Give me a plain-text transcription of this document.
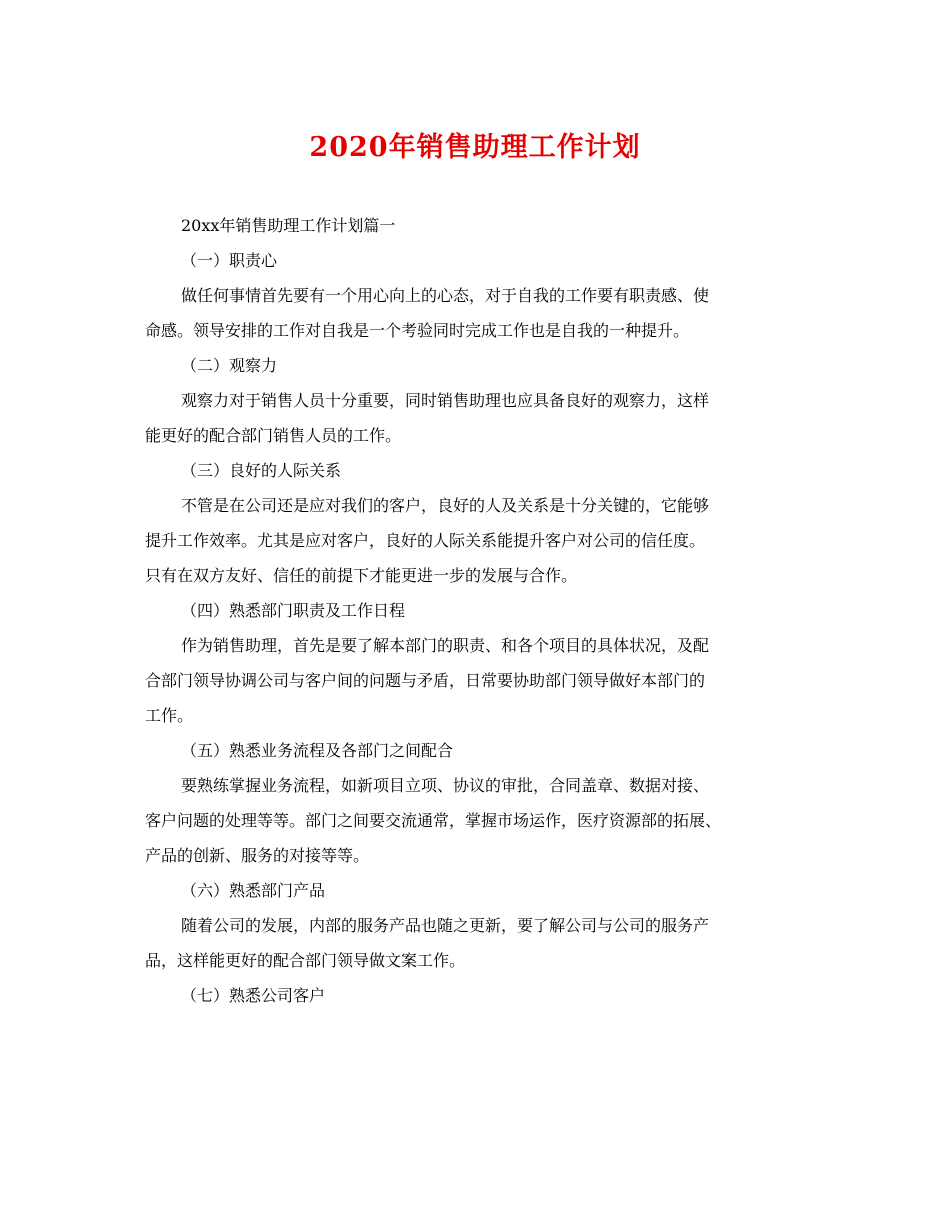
2020年销售助理工作计划
20xx年销售助理工作计划篇一
（一）职责心
做任何事情首先要有一个用心向上的心态，对于自我的工作要有职责感、使
命感。领导安排的工作对自我是一个考验同时完成工作也是自我的一种提升。
（二）观察力
观察力对于销售人员十分重要，同时销售助理也应具备良好的观察力，这样
能更好的配合部门销售人员的工作。
（三）良好的人际关系
不管是在公司还是应对我们的客户，良好的人及关系是十分关键的，它能够
提升工作效率。尤其是应对客户，良好的人际关系能提升客户对公司的信任度。
只有在双方友好、信任的前提下才能更进一步的发展与合作。
（四）熟悉部门职责及工作日程
作为销售助理，首先是要了解本部门的职责、和各个项目的具体状况，及配
合部门领导协调公司与客户间的问题与矛盾，日常要协助部门领导做好本部门的
工作。
（五）熟悉业务流程及各部门之间配合
要熟练掌握业务流程，如新项目立项、协议的审批，合同盖章、数据对接、
客户问题的处理等等。部门之间要交流通常，掌握市场运作，医疗资源部的拓展、
产品的创新、服务的对接等等。
（六）熟悉部门产品
随着公司的发展，内部的服务产品也随之更新，要了解公司与公司的服务产
品，这样能更好的配合部门领导做文案工作。
（七）熟悉公司客户
